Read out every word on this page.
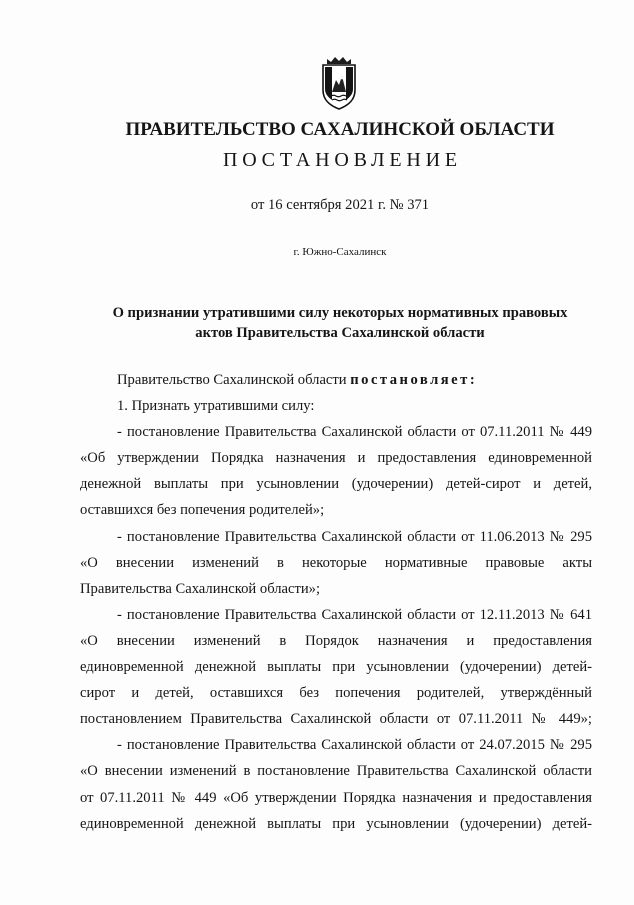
ПРАВИТЕЛЬСТВО САХАЛИНСКОЙ ОБЛАСТИ
ПОСТАНОВЛЕНИЕ
от 16 сентября 2021 г. № 371
г. Южно-Сахалинск
О признании утратившими силу некоторых нормативных правовых
актов Правительства Сахалинской области
Правительство Сахалинской области постановляет:
1. Признать утратившими силу:
- постановление Правительства Сахалинской области от 07.11.2011 № 449
«Об утверждении Порядка назначения и предоставления единовременной
денежной выплаты при усыновлении (удочерении) детей-сирот и детей,
оставшихся без попечения родителей»;
- постановление Правительства Сахалинской области от 11.06.2013 № 295
«О внесении изменений в некоторые нормативные правовые акты
Правительства Сахалинской области»;
- постановление Правительства Сахалинской области от 12.11.2013 № 641
«О внесении изменений в Порядок назначения и предоставления
единовременной денежной выплаты при усыновлении (удочерении) детей-
сирот и детей, оставшихся без попечения родителей, утверждённый
постановлением Правительства Сахалинской области от 07.11.2011 № 449»;
- постановление Правительства Сахалинской области от 24.07.2015 № 295
«О внесении изменений в постановление Правительства Сахалинской области
от 07.11.2011 № 449 «Об утверждении Порядка назначения и предоставления
единовременной денежной выплаты при усыновлении (удочерении) детей-
